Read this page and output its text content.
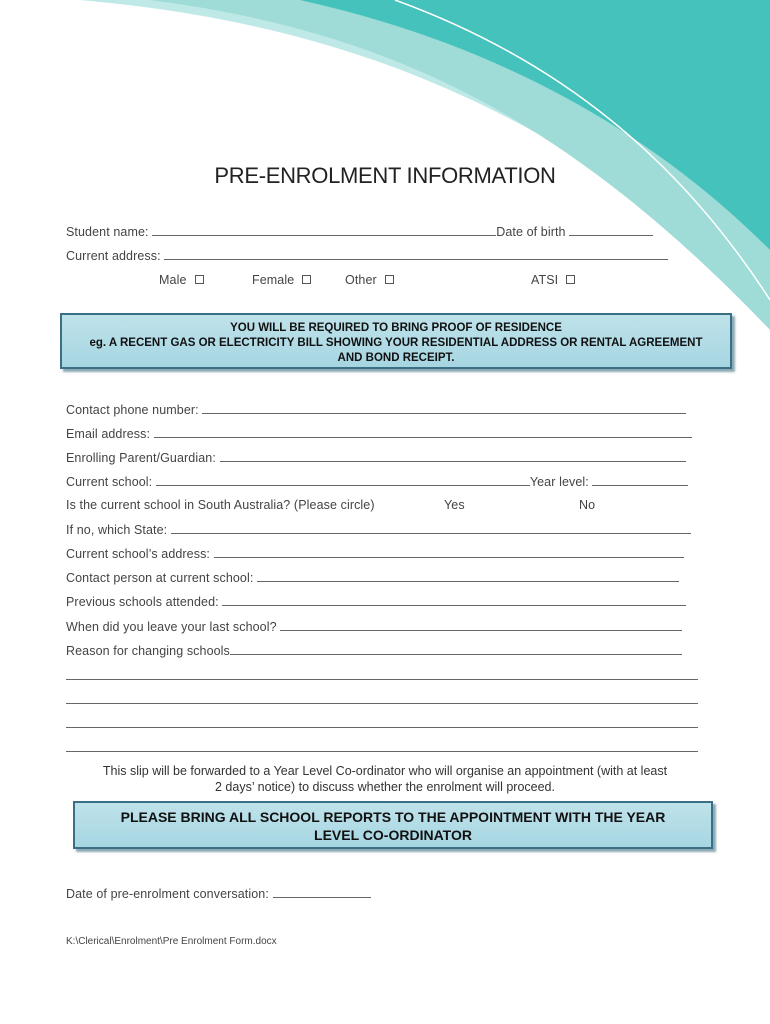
PRE-ENROLMENT INFORMATION
Student name:	Date of birth
Current address:
Male	Female	Other	ATSI
YOU WILL BE REQUIRED TO BRING PROOF OF RESIDENCE
eg. A RECENT GAS OR ELECTRICITY BILL SHOWING YOUR RESIDENTIAL ADDRESS OR RENTAL AGREEMENT
AND BOND RECEIPT.
Contact phone number:
Email address:
Enrolling Parent/Guardian:
Current school:	Year level:
Is the current school in South Australia? (Please circle)	Yes	No
If no, which State:
Current school’s address:
Contact person at current school:
Previous schools attended:
When did you leave your last school?
Reason for changing schools
This slip will be forwarded to a Year Level Co-ordinator who will organise an appointment (with at least
2 days’ notice) to discuss whether the enrolment will proceed.
PLEASE BRING ALL SCHOOL REPORTS TO THE APPOINTMENT WITH THE YEAR
LEVEL CO-ORDINATOR
Date of pre-enrolment conversation:
K:\Clerical\Enrolment\Pre Enrolment Form.docx
